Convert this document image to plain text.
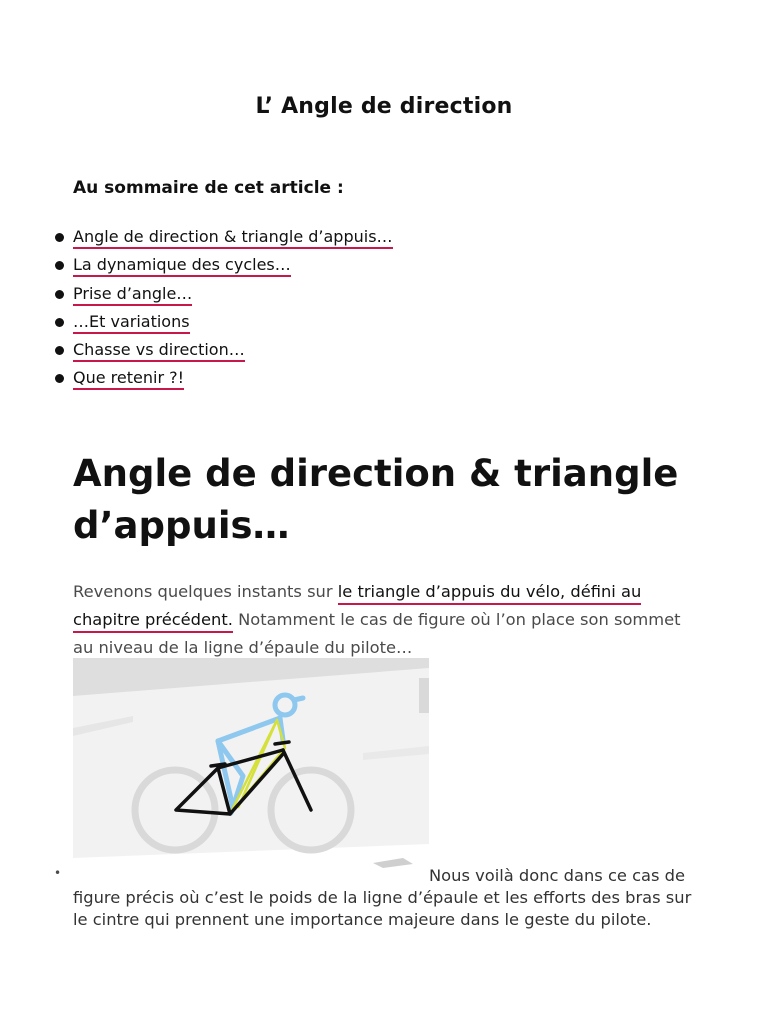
L’ Angle de direction
Au sommaire de cet article :
Angle de direction & triangle d’appuis…
La dynamique des cycles…
Prise d’angle…
…Et variations
Chasse vs direction…
Que retenir ?!
Angle de direction & triangle d’appuis…

Revenons quelques instants sur le triangle d’appuis du vélo, défini au chapitre précédent. Notamment le cas de figure où l’on place son sommet au niveau de la ligne d’épaule du pilote…

•	Nous voilà donc dans ce cas de figure précis où c’est le poids de la ligne d’épaule et les efforts des bras sur le cintre qui prennent une importance majeure dans le geste du pilote.
